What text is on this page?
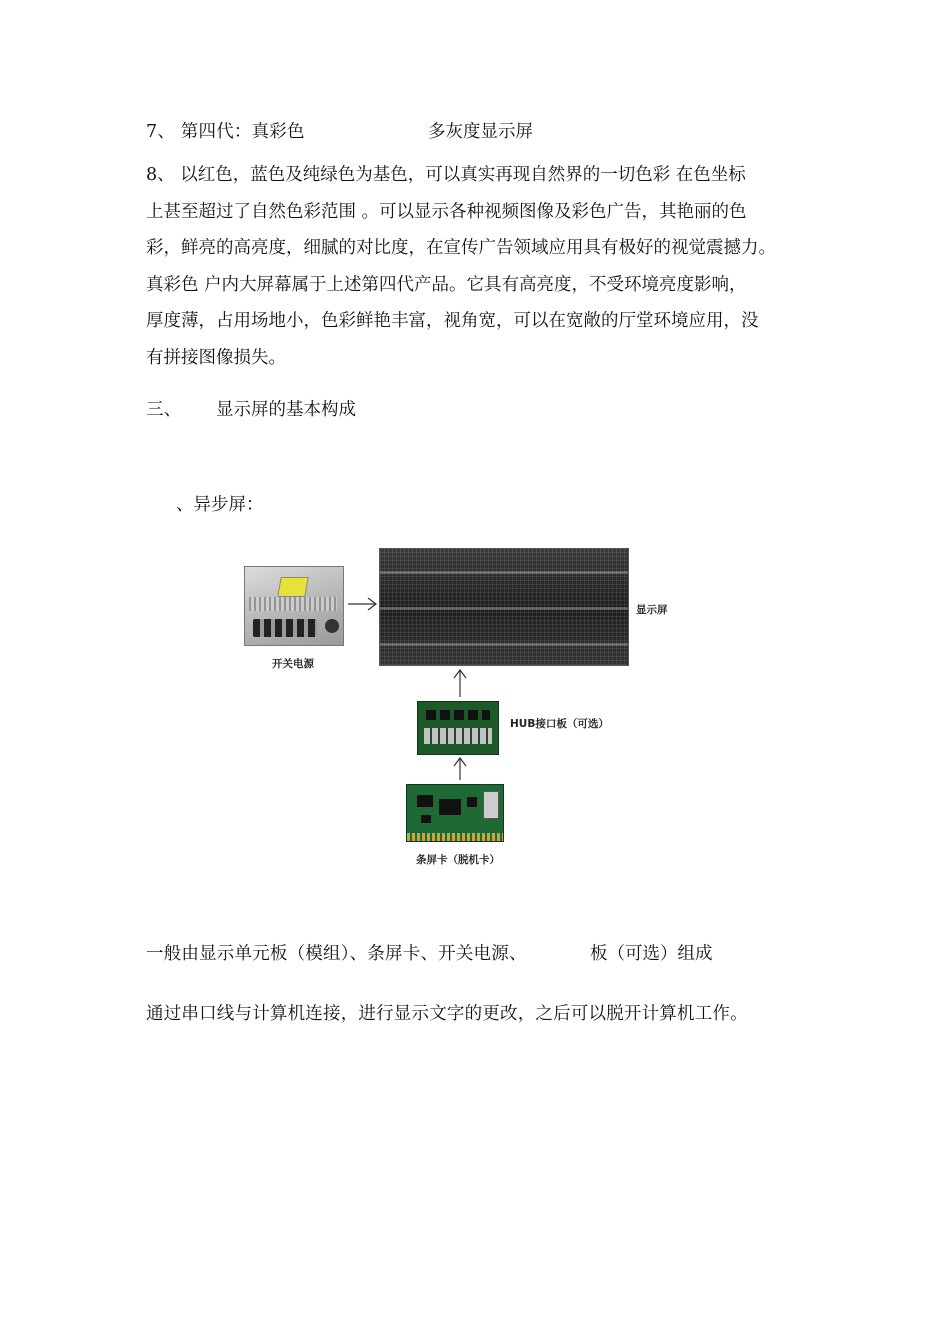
7、 第四代：真彩色	多灰度显示屏
8、 以红色，蓝色及纯绿色为基色，可以真实再现自然界的一切色彩 在色坐标
上甚至超过了自然色彩范围 。可以显示各种视频图像及彩色广告，其艳丽的色
彩，鲜亮的高亮度，细腻的对比度，在宣传广告领域应用具有极好的视觉震撼力。
真彩色 户内大屏幕属于上述第四代产品。它具有高亮度，不受环境亮度影响，
厚度薄，占用场地小，色彩鲜艳丰富，视角宽，可以在宽敞的厅堂环境应用，没
有拼接图像损失。
三、 显示屏的基本构成
、异步屏：
开关电源
显示屏
HUB接口板（可选）
条屏卡（脱机卡）
一般由显示单元板（模组）、条屏卡、开关电源、	板（可选）组成
通过串口线与计算机连接，进行显示文字的更改，之后可以脱开计算机工作。
